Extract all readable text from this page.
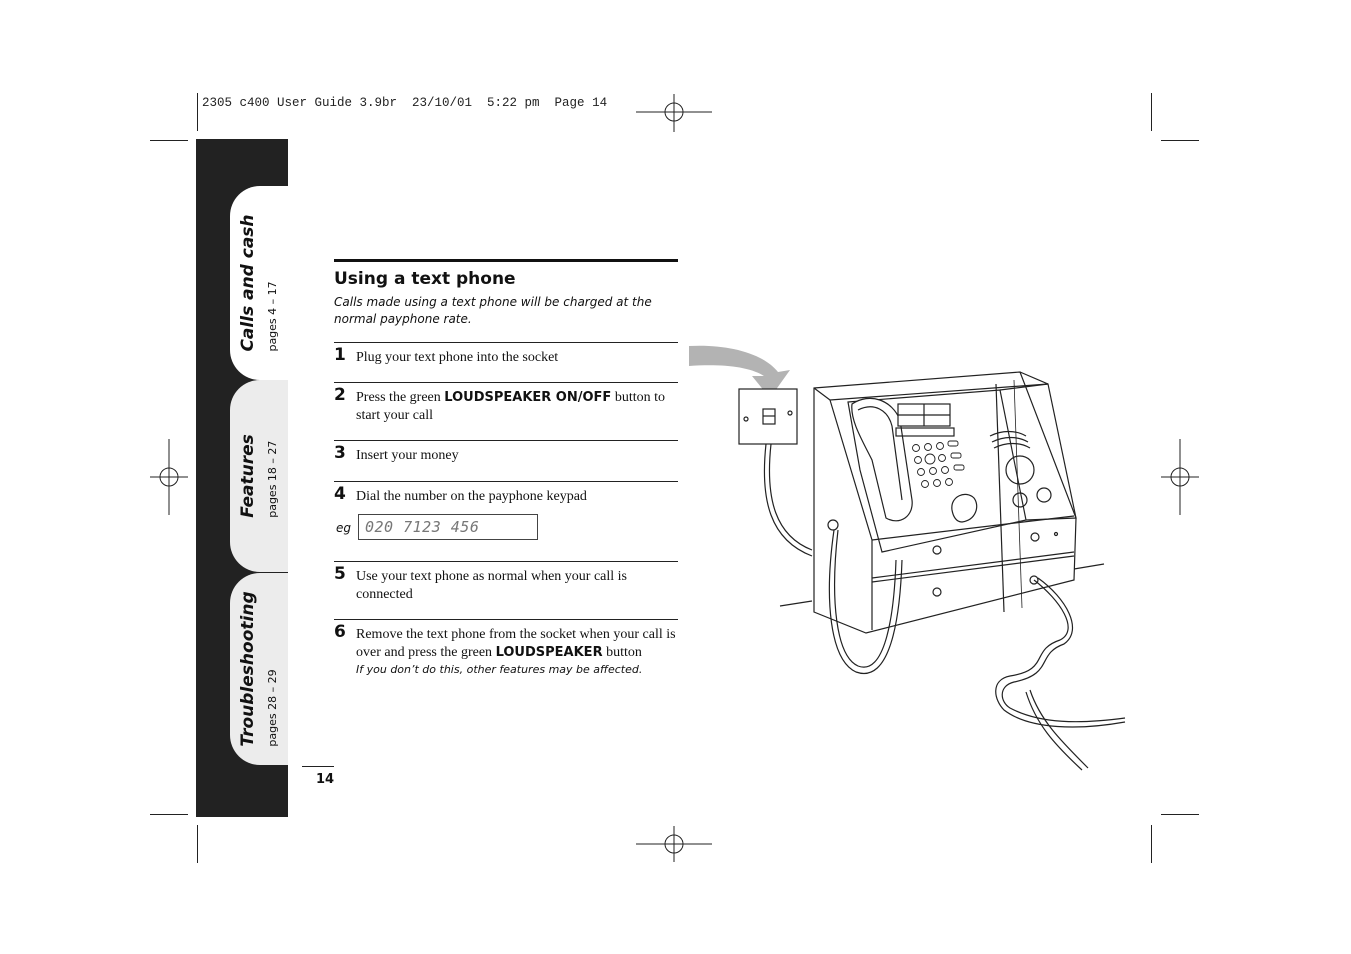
2305 c400 User Guide 3.9br  23/10/01  5:22 pm  Page 14
Calls and cash pages 4 – 17
Features pages 18 – 27
Troubleshooting pages 28 – 29
Using a text phone

Calls made using a text phone will be charged at the normal payphone rate.

1 Plug your text phone into the socket
2 Press the green LOUDSPEAKER ON/OFF button to start your call
3 Insert your money
4 Dial the number on the payphone keypad
eg 020 7123 456
5 Use your text phone as normal when your call is connected
6 Remove the text phone from the socket when your call is over and press the green LOUDSPEAKER button
If you don’t do this, other features may be affected.
14
